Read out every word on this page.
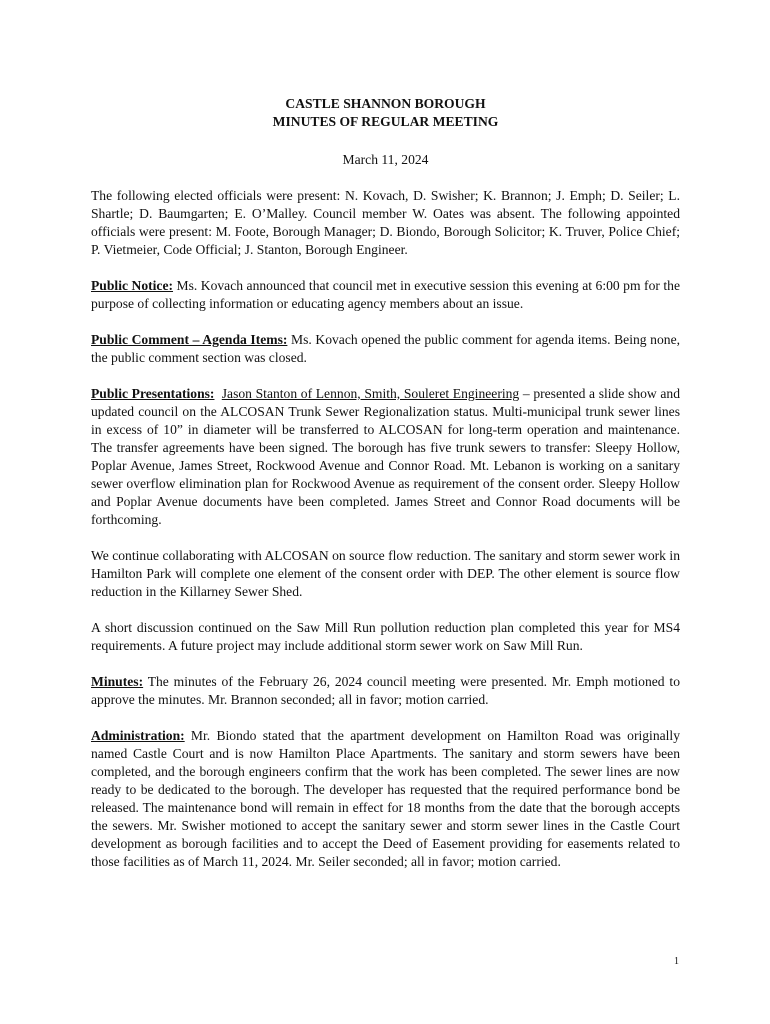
CASTLE SHANNON BOROUGH

MINUTES OF REGULAR MEETING

March 11, 2024

The following elected officials were present: N. Kovach, D. Swisher; K. Brannon; J. Emph; D. Seiler; L. Shartle; D. Baumgarten; E. O’Malley. Council member W. Oates was absent. The following appointed officials were present: M. Foote, Borough Manager; D. Biondo, Borough Solicitor; K. Truver, Police Chief; P. Vietmeier, Code Official; J. Stanton, Borough Engineer.

Public Notice: Ms. Kovach announced that council met in executive session this evening at 6:00 pm for the purpose of collecting information or educating agency members about an issue.

Public Comment – Agenda Items: Ms. Kovach opened the public comment for agenda items. Being none, the public comment section was closed.

Public Presentations: Jason Stanton of Lennon, Smith, Souleret Engineering – presented a slide show and updated council on the ALCOSAN Trunk Sewer Regionalization status. Multi-municipal trunk sewer lines in excess of 10” in diameter will be transferred to ALCOSAN for long-term operation and maintenance. The transfer agreements have been signed. The borough has five trunk sewers to transfer: Sleepy Hollow, Poplar Avenue, James Street, Rockwood Avenue and Connor Road. Mt. Lebanon is working on a sanitary sewer overflow elimination plan for Rockwood Avenue as requirement of the consent order. Sleepy Hollow and Poplar Avenue documents have been completed. James Street and Connor Road documents will be forthcoming.

We continue collaborating with ALCOSAN on source flow reduction. The sanitary and storm sewer work in Hamilton Park will complete one element of the consent order with DEP. The other element is source flow reduction in the Killarney Sewer Shed.

A short discussion continued on the Saw Mill Run pollution reduction plan completed this year for MS4 requirements. A future project may include additional storm sewer work on Saw Mill Run.

Minutes: The minutes of the February 26, 2024 council meeting were presented. Mr. Emph motioned to approve the minutes. Mr. Brannon seconded; all in favor; motion carried.

Administration: Mr. Biondo stated that the apartment development on Hamilton Road was originally named Castle Court and is now Hamilton Place Apartments. The sanitary and storm sewers have been completed, and the borough engineers confirm that the work has been completed. The sewer lines are now ready to be dedicated to the borough. The developer has requested that the required performance bond be released. The maintenance bond will remain in effect for 18 months from the date that the borough accepts the sewers. Mr. Swisher motioned to accept the sanitary sewer and storm sewer lines in the Castle Court development as borough facilities and to accept the Deed of Easement providing for easements related to those facilities as of March 11, 2024. Mr. Seiler seconded; all in favor; motion carried.

1
